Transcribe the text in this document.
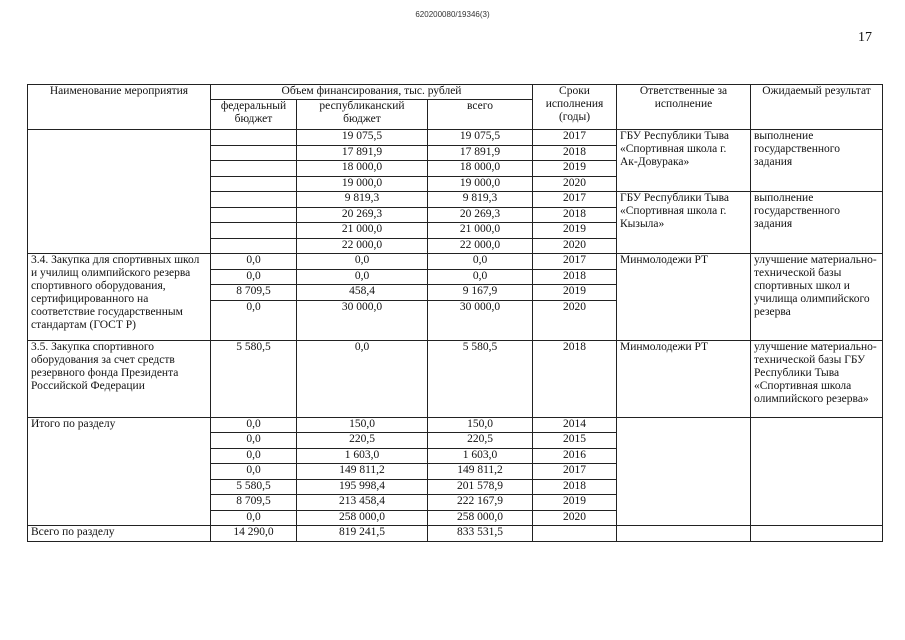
620200080/19346(3)
17
Наименование мероприятия	Объем финансирования, тыс. рублей			Сроки исполнения (годы)	Ответственные за исполнение	Ожидаемый результат
	федеральный бюджет	республиканский бюджет	всего			
		19 075,5	19 075,5	2017	ГБУ Республики Тыва «Спортивная школа г. Ак-Довурака»	выполнение государственного задания
		17 891,9	17 891,9	2018		
		18 000,0	18 000,0	2019		
		19 000,0	19 000,0	2020		
		9 819,3	9 819,3	2017	ГБУ Республики Тыва «Спортивная школа г. Кызыла»	выполнение государственного задания
		20 269,3	20 269,3	2018		
		21 000,0	21 000,0	2019		
		22 000,0	22 000,0	2020		
3.4. Закупка для спортивных школ и училищ олимпийского резерва спортивного оборудования, сертифицированного на соответствие государственным стандартам (ГОСТ Р)	0,0	0,0	0,0	2017	Минмолодежи РТ	улучшение материально-технической базы спортивных школ и училища олимпийского резерва
	0,0	0,0	0,0	2018		
	8 709,5	458,4	9 167,9	2019		
	0,0	30 000,0	30 000,0	2020		
3.5. Закупка спортивного оборудования за счет средств резервного фонда Президента Российской Федерации	5 580,5	0,0	5 580,5	2018	Минмолодежи РТ	улучшение материально-технической базы ГБУ Республики Тыва «Спортивная школа олимпийского резерва»
Итого по разделу	0,0	150,0	150,0	2014		
	0,0	220,5	220,5	2015		
	0,0	1 603,0	1 603,0	2016		
	0,0	149 811,2	149 811,2	2017		
	5 580,5	195 998,4	201 578,9	2018		
	8 709,5	213 458,4	222 167,9	2019		
	0,0	258 000,0	258 000,0	2020		
Всего по разделу	14 290,0	819 241,5	833 531,5			
